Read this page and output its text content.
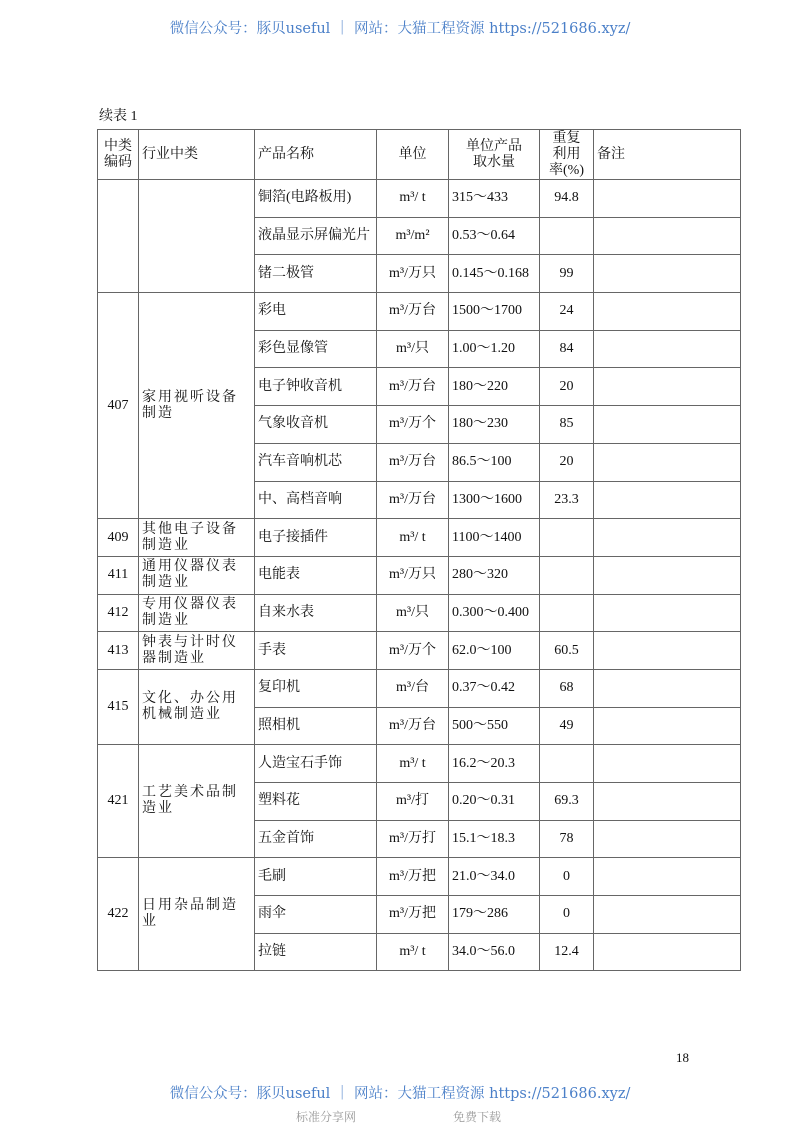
微信公众号：豚贝useful ｜ 网站：大猫工程资源 https://521686.xyz/
续表 1
中类编码	行业中类	产品名称	单位	单位产品取水量	重复利用率(%)	备注
		铜箔(电路板用)	m³/ t	315～433	94.8	
		液晶显示屏偏光片	m³/m²	0.53～0.64		
		锗二极管	m³/万只	0.145～0.168	99	
407	家用视听设备制造	彩电	m³/万台	1500～1700	24	
		彩色显像管	m³/只	1.00～1.20	84	
		电子钟收音机	m³/万台	180～220	20	
		气象收音机	m³/万个	180～230	85	
		汽车音响机芯	m³/万台	86.5～100	20	
		中、高档音响	m³/万台	1300～1600	23.3	
409	其他电子设备制造业	电子接插件	m³/ t	1100～1400		
411	通用仪器仪表制造业	电能表	m³/万只	280～320		
412	专用仪器仪表制造业	自来水表	m³/只	0.300～0.400		
413	钟表与计时仪器制造业	手表	m³/万个	62.0～100	60.5	
415	文化、办公用机械制造业	复印机	m³/台	0.37～0.42	68	
		照相机	m³/万台	500～550	49	
421	工艺美术品制造业	人造宝石手饰	m³/ t	16.2～20.3		
		塑料花	m³/打	0.20～0.31	69.3	
		五金首饰	m³/万打	15.1～18.3	78	
422	日用杂品制造业	毛刷	m³/万把	21.0～34.0	0	
		雨伞	m³/万把	179～286	0	
		拉链	m³/ t	34.0～56.0	12.4	
18
微信公众号：豚贝useful ｜ 网站：大猫工程资源 https://521686.xyz/
标准分享网	免费下载
